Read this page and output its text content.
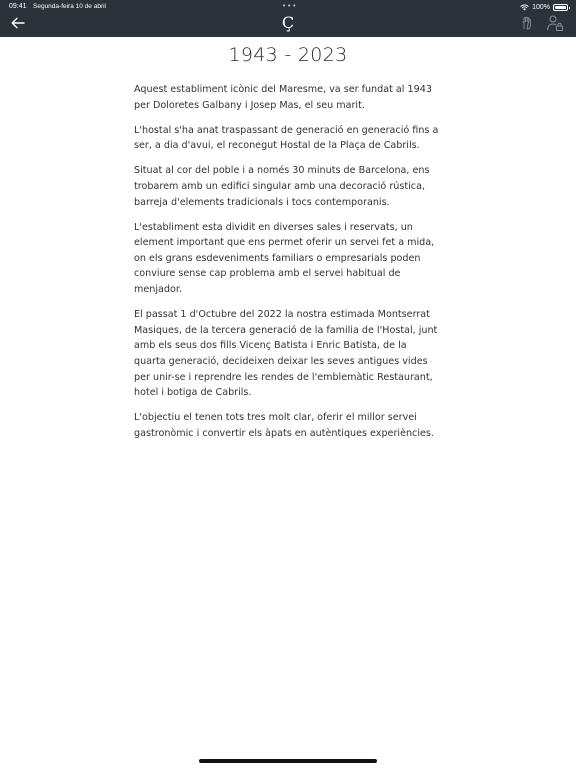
09:41 Segunda-feira 10 de abril	•••	100%
Ç
1943 - 2023

Aquest establiment icònic del Maresme, va ser fundat al 1943 per Doloretes Galbany i Josep Mas, el seu marit.

L'hostal s'ha anat traspassant de generació en generació fins a ser, a dia d'avui, el reconegut Hostal de la Plaça de Cabrils.

Situat al cor del poble i a només 30 minuts de Barcelona, ens trobarem amb un edifici singular amb una decoració rústica, barreja d'elements tradicionals i tocs contemporanis.

L'establiment esta dividit en diverses sales i reservats, un element important que ens permet oferir un servei fet a mida, on els grans esdeveniments familiars o empresarials poden conviure sense cap problema amb el servei habitual de menjador.

El passat 1 d'Octubre del 2022 la nostra estimada Montserrat Masiques, de la tercera generació de la familia de l'Hostal, junt amb els seus dos fills Vicenç Batista i Enric Batista, de la quarta generació, decideixen deixar les seves antigues vides per unir-se i reprendre les rendes de l'emblemàtic Restaurant, hotel i botiga de Cabrils.

L'objectiu el tenen tots tres molt clar, oferir el millor servei gastronòmic i convertir els àpats en autèntiques experiències.
